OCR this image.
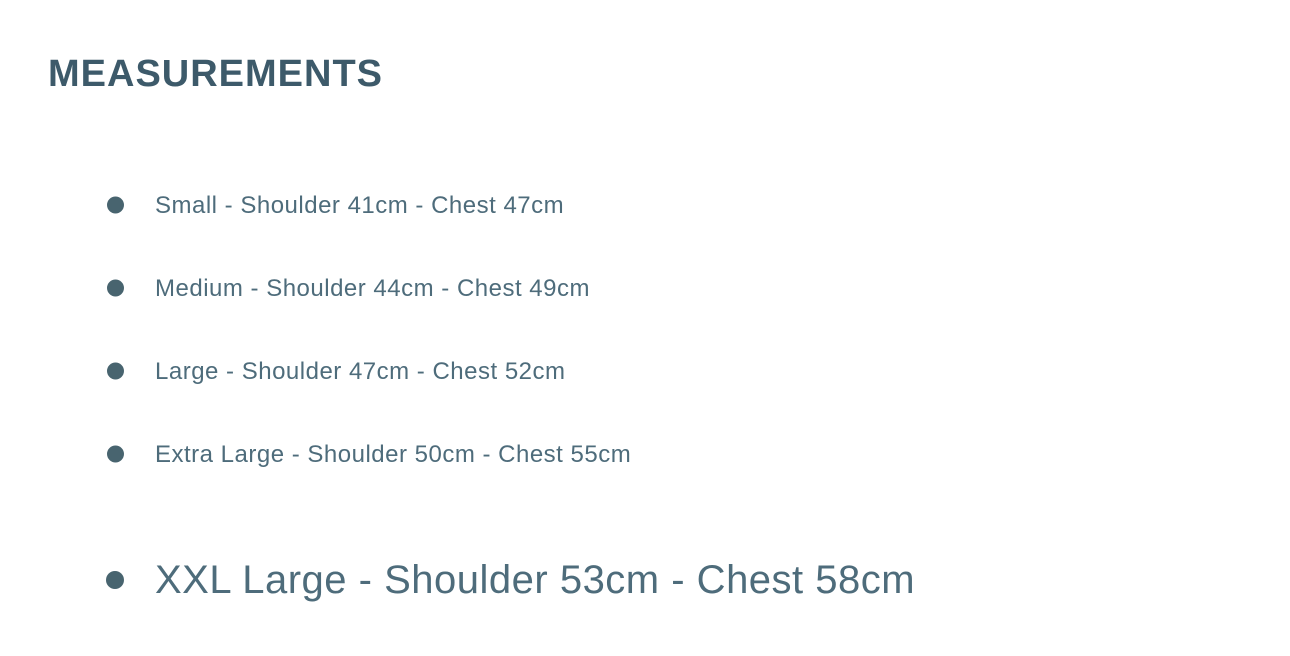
MEASUREMENTS
Small - Shoulder 41cm - Chest 47cm
Medium - Shoulder 44cm - Chest 49cm
Large - Shoulder 47cm - Chest 52cm
Extra Large - Shoulder 50cm - Chest 55cm
XXL Large - Shoulder 53cm - Chest 58cm
